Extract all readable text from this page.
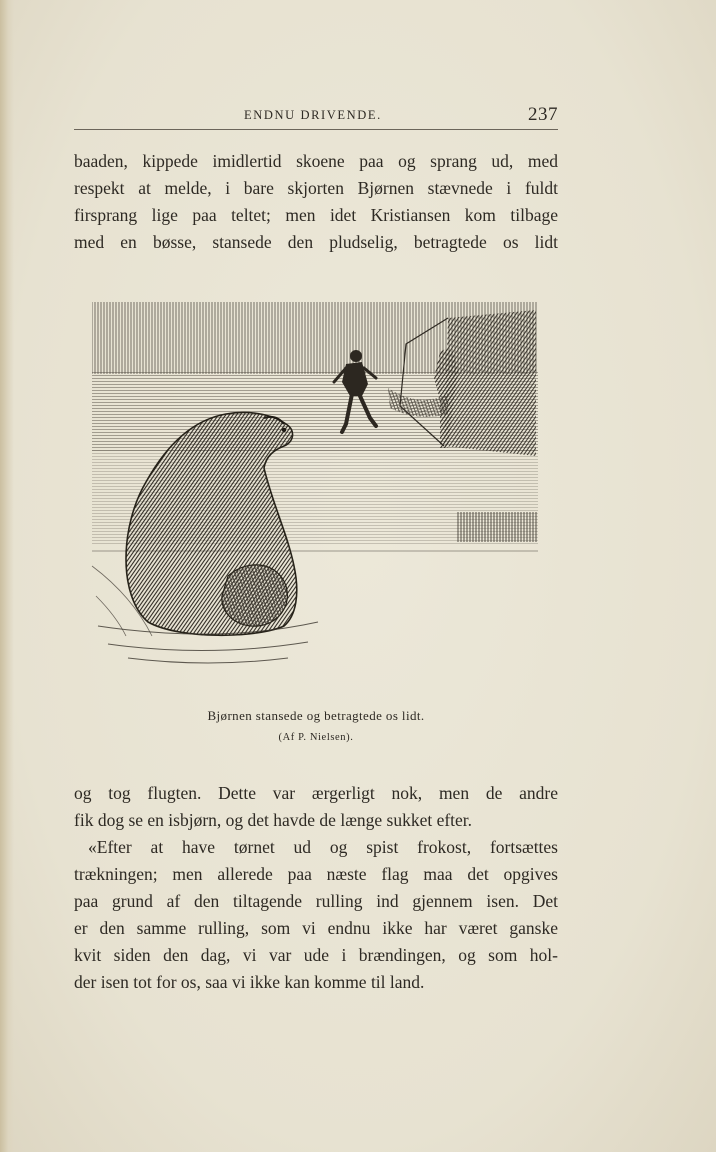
ENDNU DRIVENDE.	237
baaden, kippede imidlertid skoene paa og sprang ud, med
respekt at melde, i bare skjorten Bjørnen stævnede i fuldt
firsprang lige paa teltet; men idet Kristiansen kom tilbage
med en bøsse, stansede den pludselig, betragtede os lidt
Bjørnen stansede og betragtede os lidt.
(Af P. Nielsen).
og tog flugten. Dette var ærgerligt nok, men de andre
fik dog se en isbjørn, og det havde de længe sukket efter.
«Efter at have tørnet ud og spist frokost, fortsættes
trækningen; men allerede paa næste flag maa det opgives
paa grund af den tiltagende rulling ind gjennem isen. Det
er den samme rulling, som vi endnu ikke har været ganske
kvit siden den dag, vi var ude i brændingen, og som hol-
der isen tot for os, saa vi ikke kan komme til land.
